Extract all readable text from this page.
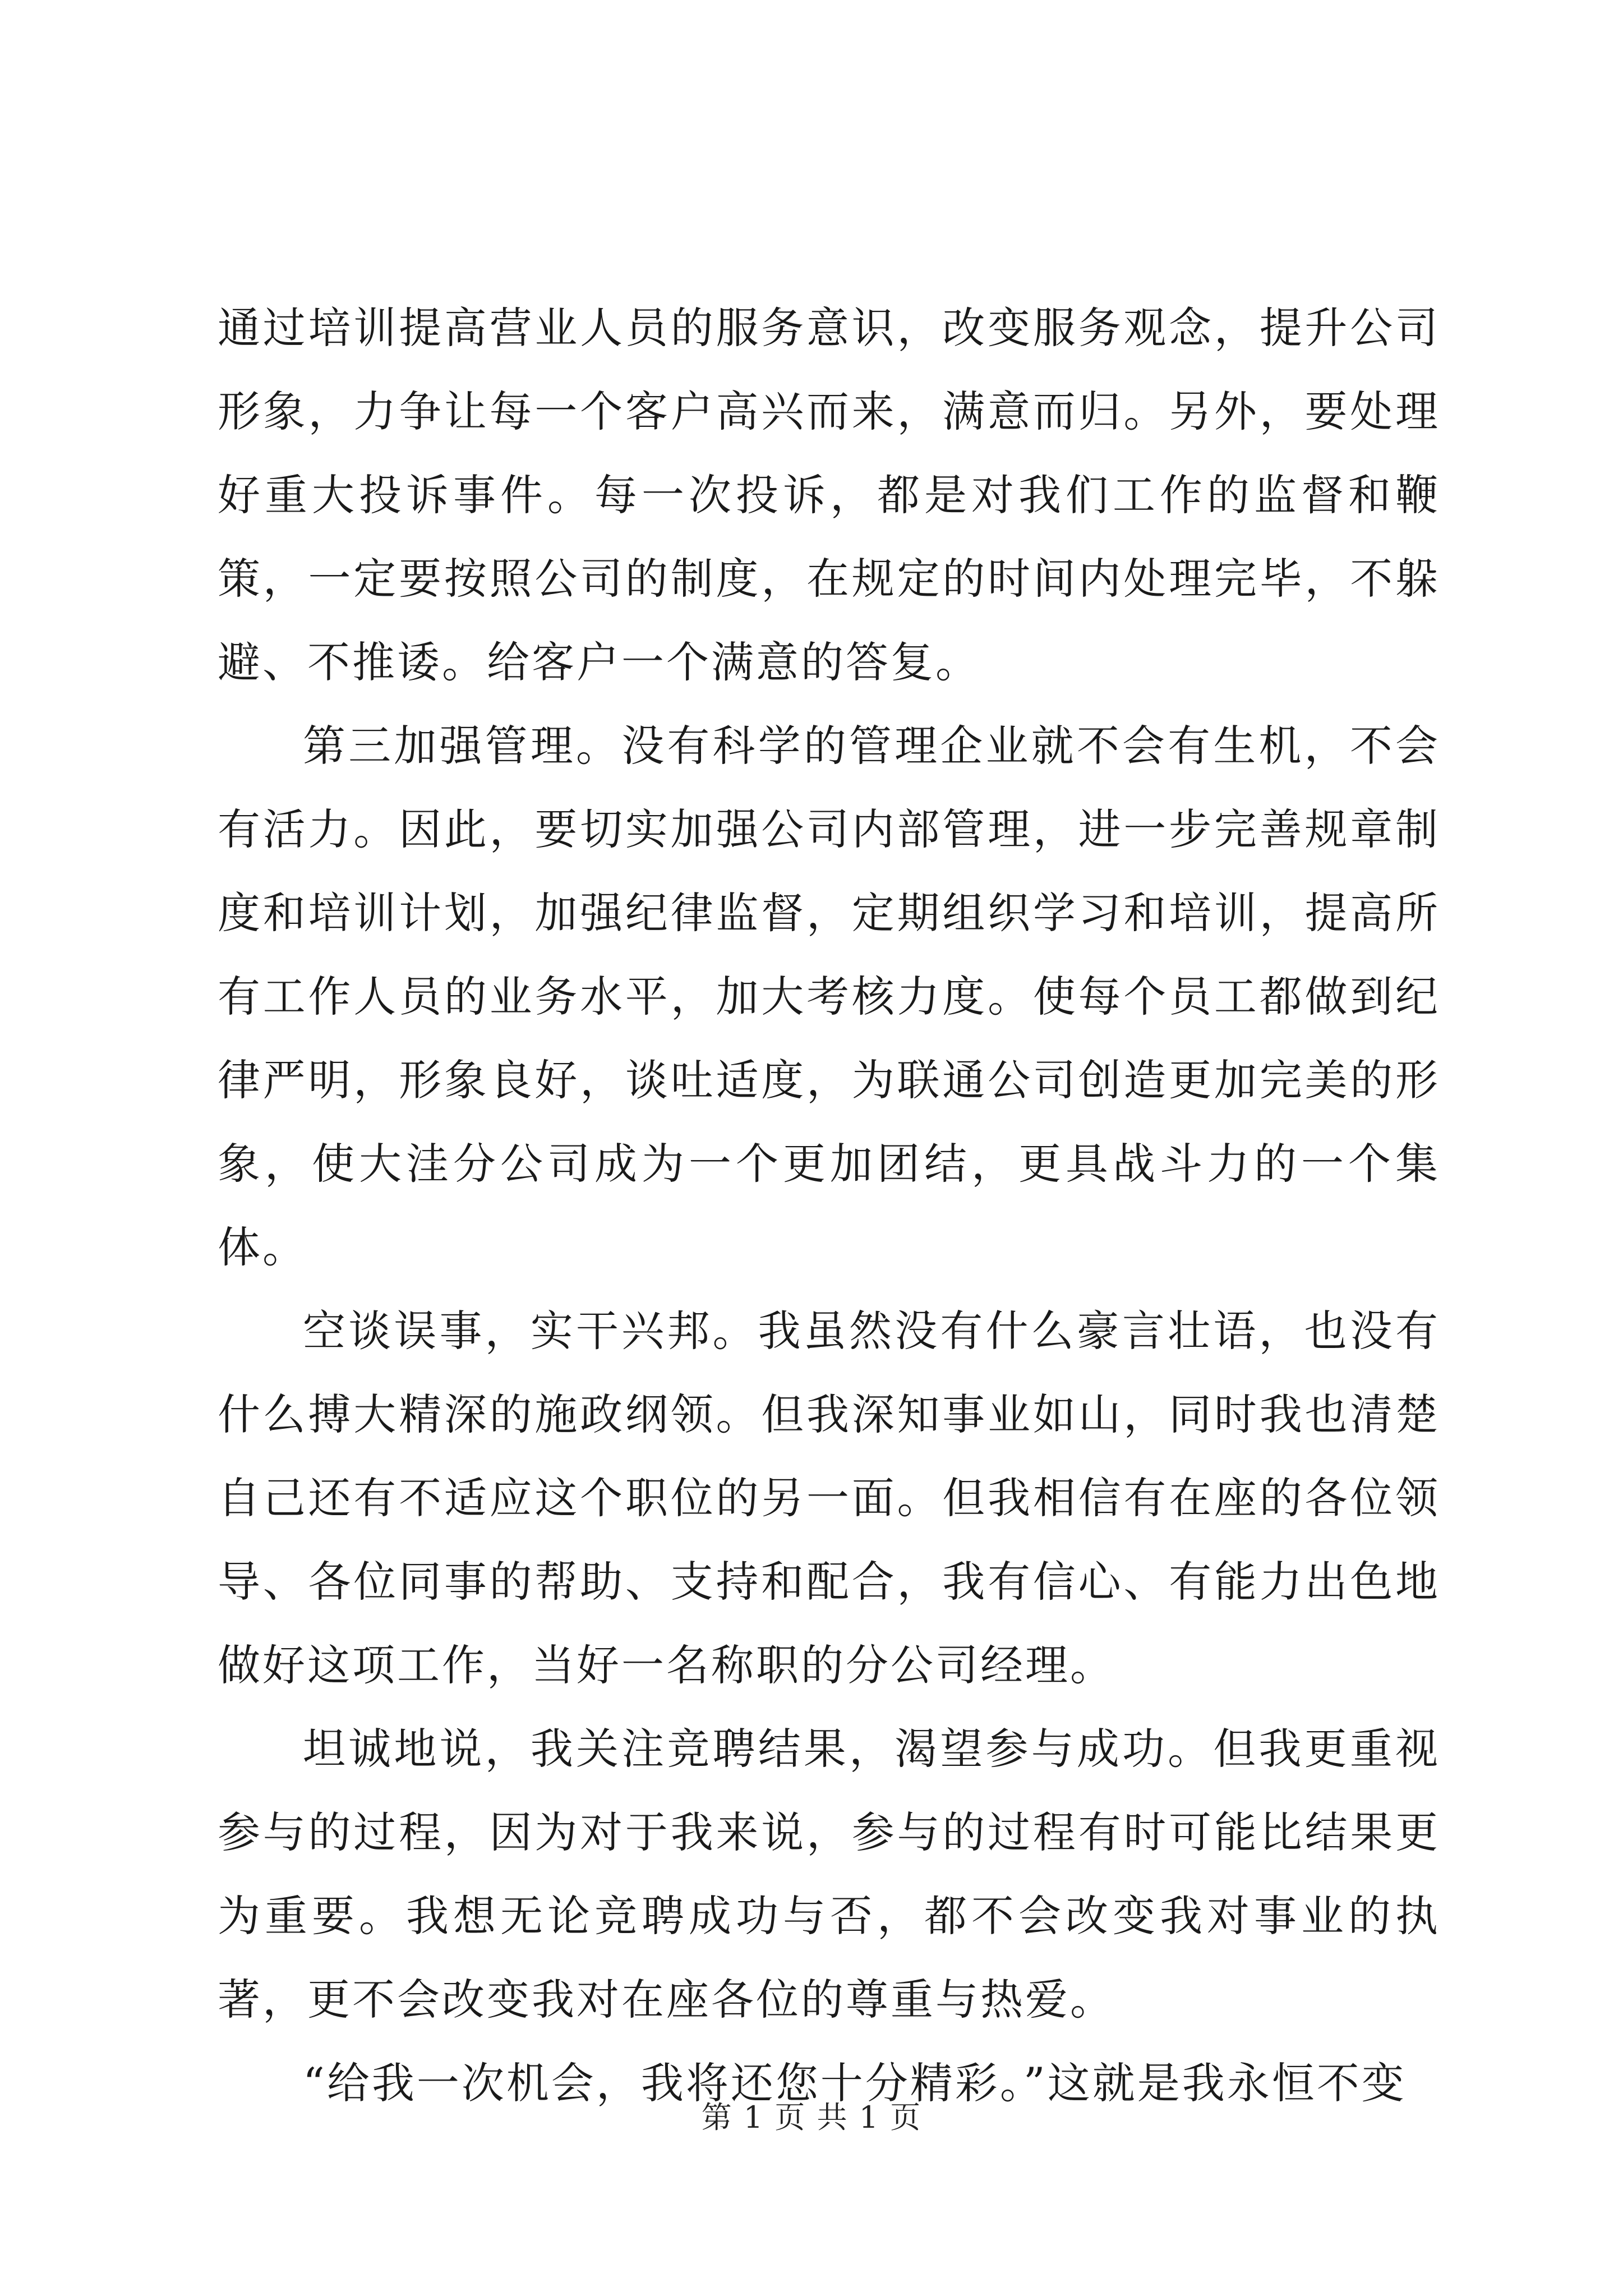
通过培训提高营业人员的服务意识，改变服务观念，提升公司形象，力争让每一个客户高兴而来，满意而归。另外，要处理好重大投诉事件。每一次投诉，都是对我们工作的监督和鞭策，一定要按照公司的制度，在规定的时间内处理完毕，不躲避、不推诿。给客户一个满意的答复。

第三加强管理。没有科学的管理企业就不会有生机，不会有活力。因此，要切实加强公司内部管理，进一步完善规章制度和培训计划，加强纪律监督，定期组织学习和培训，提高所有工作人员的业务水平，加大考核力度。使每个员工都做到纪律严明，形象良好，谈吐适度，为联通公司创造更加完美的形象，使大洼分公司成为一个更加团结，更具战斗力的一个集体。

空谈误事，实干兴邦。我虽然没有什么豪言壮语，也没有什么搏大精深的施政纲领。但我深知事业如山，同时我也清楚自己还有不适应这个职位的另一面。但我相信有在座的各位领导、各位同事的帮助、支持和配合，我有信心、有能力出色地做好这项工作，当好一名称职的分公司经理。

坦诚地说，我关注竞聘结果，渴望参与成功。但我更重视参与的过程，因为对于我来说，参与的过程有时可能比结果更为重要。我想无论竞聘成功与否，都不会改变我对事业的执著，更不会改变我对在座各位的尊重与热爱。

“给我一次机会，我将还您十分精彩。”这就是我永恒不变

第 1 页 共 1 页
